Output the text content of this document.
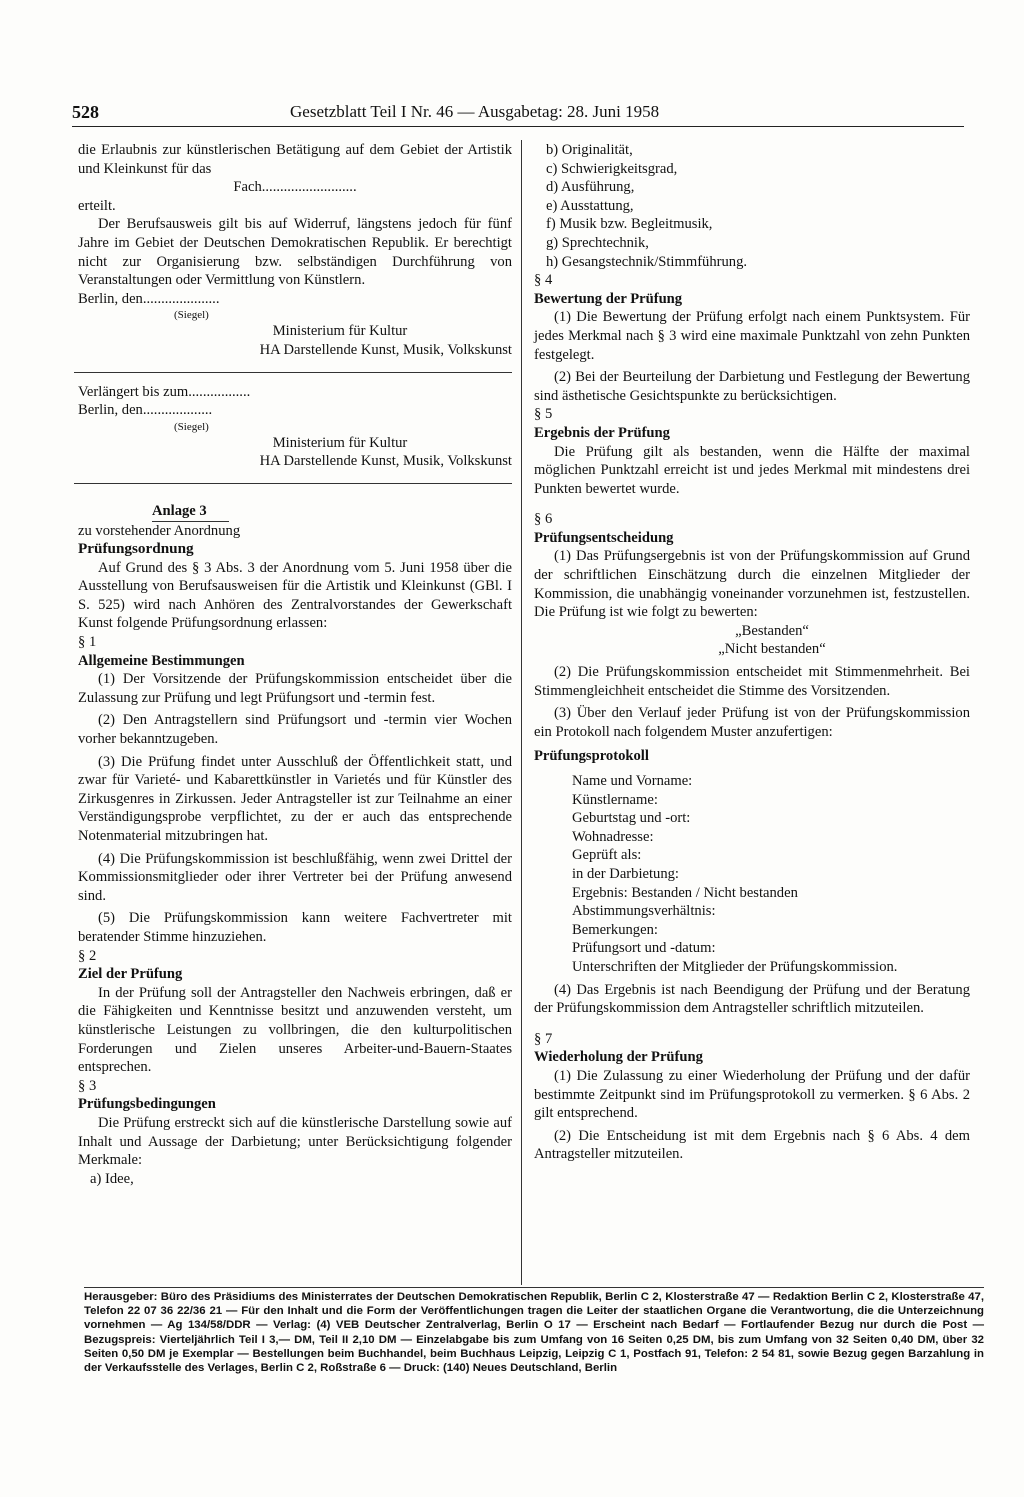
528	Gesetzblatt Teil I Nr. 46 — Ausgabetag: 28. Juni 1958

die Erlaubnis zur künstlerischen Betätigung auf dem Gebiet der Artistik und Kleinkunst für das

Fach..........................

erteilt.

Der Berufsausweis gilt bis auf Widerruf, längstens jedoch für fünf Jahre im Gebiet der Deutschen Demokratischen Republik. Er berechtigt nicht zur Organisierung bzw. selbständigen Durchführung von Veranstaltungen oder Vermittlung von Künstlern.

Berlin, den.....................

(Siegel)

Ministerium für Kultur

HA Darstellende Kunst, Musik, Volkskunst

Verlängert bis zum.................

Berlin, den...................

(Siegel)

Ministerium für Kultur

HA Darstellende Kunst, Musik, Volkskunst

Anlage 3

zu vorstehender Anordnung

Prüfungsordnung

Auf Grund des § 3 Abs. 3 der Anordnung vom 5. Juni 1958 über die Ausstellung von Berufsausweisen für die Artistik und Kleinkunst (GBl. I S. 525) wird nach Anhören des Zentralvorstandes der Gewerkschaft Kunst folgende Prüfungsordnung erlassen:

§ 1

Allgemeine Bestimmungen

(1) Der Vorsitzende der Prüfungskommission entscheidet über die Zulassung zur Prüfung und legt Prüfungsort und -termin fest.

(2) Den Antragstellern sind Prüfungsort und -termin vier Wochen vorher bekanntzugeben.

(3) Die Prüfung findet unter Ausschluß der Öffentlichkeit statt, und zwar für Varieté- und Kabarettkünstler in Varietés und für Künstler des Zirkusgenres in Zirkussen. Jeder Antragsteller ist zur Teilnahme an einer Verständigungsprobe verpflichtet, zu der er auch das entsprechende Notenmaterial mitzubringen hat.

(4) Die Prüfungskommission ist beschlußfähig, wenn zwei Drittel der Kommissionsmitglieder oder ihrer Vertreter bei der Prüfung anwesend sind.

(5) Die Prüfungskommission kann weitere Fachvertreter mit beratender Stimme hinzuziehen.

§ 2

Ziel der Prüfung

In der Prüfung soll der Antragsteller den Nachweis erbringen, daß er die Fähigkeiten und Kenntnisse besitzt und anzuwenden versteht, um künstlerische Leistungen zu vollbringen, die den kulturpolitischen Forderungen und Zielen unseres Arbeiter-und-Bauern-Staates entsprechen.

§ 3

Prüfungsbedingungen

Die Prüfung erstreckt sich auf die künstlerische Darstellung sowie auf Inhalt und Aussage der Darbietung; unter Berücksichtigung folgender Merkmale:

a) Idee,

b) Originalität,

c) Schwierigkeitsgrad,

d) Ausführung,

e) Ausstattung,

f) Musik bzw. Begleitmusik,

g) Sprechtechnik,

h) Gesangstechnik/Stimmführung.

§ 4

Bewertung der Prüfung

(1) Die Bewertung der Prüfung erfolgt nach einem Punktsystem. Für jedes Merkmal nach § 3 wird eine maximale Punktzahl von zehn Punkten festgelegt.

(2) Bei der Beurteilung der Darbietung und Festlegung der Bewertung sind ästhetische Gesichtspunkte zu berücksichtigen.

§ 5

Ergebnis der Prüfung

Die Prüfung gilt als bestanden, wenn die Hälfte der maximal möglichen Punktzahl erreicht ist und jedes Merkmal mit mindestens drei Punkten bewertet wurde.

§ 6

Prüfungsentscheidung

(1) Das Prüfungsergebnis ist von der Prüfungskommission auf Grund der schriftlichen Einschätzung durch die einzelnen Mitglieder der Kommission, die unabhängig voneinander vorzunehmen ist, festzustellen. Die Prüfung ist wie folgt zu bewerten:

„Bestanden“

„Nicht bestanden“

(2) Die Prüfungskommission entscheidet mit Stimmenmehrheit. Bei Stimmengleichheit entscheidet die Stimme des Vorsitzenden.

(3) Über den Verlauf jeder Prüfung ist von der Prüfungskommission ein Protokoll nach folgendem Muster anzufertigen:

Prüfungsprotokoll

Name und Vorname:

Künstlername:

Geburtstag und -ort:

Wohnadresse:

Geprüft als:

in der Darbietung:

Ergebnis: Bestanden / Nicht bestanden

Abstimmungsverhältnis:

Bemerkungen:

Prüfungsort und -datum:

Unterschriften der Mitglieder der Prüfungskommission.

(4) Das Ergebnis ist nach Beendigung der Prüfung und der Beratung der Prüfungskommission dem Antragsteller schriftlich mitzuteilen.

§ 7

Wiederholung der Prüfung

(1) Die Zulassung zu einer Wiederholung der Prüfung und der dafür bestimmte Zeitpunkt sind im Prüfungsprotokoll zu vermerken. § 6 Abs. 2 gilt entsprechend.

(2) Die Entscheidung ist mit dem Ergebnis nach § 6 Abs. 4 dem Antragsteller mitzuteilen.

Herausgeber: Büro des Präsidiums des Ministerrates der Deutschen Demokratischen Republik, Berlin C 2, Klosterstraße 47 — Redaktion Berlin C 2, Klosterstraße 47, Telefon 22 07 36 22/36 21 — Für den Inhalt und die Form der Veröffentlichungen tragen die Leiter der staatlichen Organe die Verantwortung, die die Unterzeichnung vornehmen — Ag 134/58/DDR — Verlag: (4) VEB Deutscher Zentralverlag, Berlin O 17 — Erscheint nach Bedarf — Fortlaufender Bezug nur durch die Post — Bezugspreis: Vierteljährlich Teil I 3,— DM, Teil II 2,10 DM — Einzelabgabe bis zum Umfang von 16 Seiten 0,25 DM, bis zum Umfang von 32 Seiten 0,40 DM, über 32 Seiten 0,50 DM je Exemplar — Bestellungen beim Buchhandel, beim Buchhaus Leipzig, Leipzig C 1, Postfach 91, Telefon: 2 54 81, sowie Bezug gegen Barzahlung in der Verkaufsstelle des Verlages, Berlin C 2, Roßstraße 6 — Druck: (140) Neues Deutschland, Berlin
